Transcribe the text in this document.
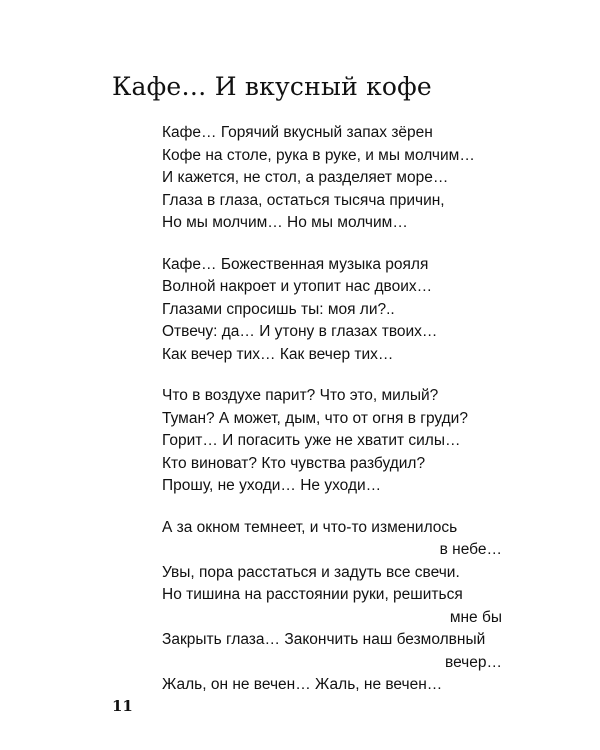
Кафе… И вкусный кофе
Кафе… Горячий вкусный запах зёрен
Кофе на столе, рука в руке, и мы молчим…
И кажется, не стол, а разделяет море…
Глаза в глаза, остаться тысяча причин,
Но мы молчим… Но мы молчим…
Кафе… Божественная музыка рояля
Волной накроет и утопит нас двоих…
Глазами спросишь ты: моя ли?..
Отвечу: да… И утону в глазах твоих…
Как вечер тих… Как вечер тих…
Что в воздухе парит? Что это, милый?
Туман? А может, дым, что от огня в груди?
Горит… И погасить уже не хватит силы…
Кто виноват? Кто чувства разбудил?
Прошу, не уходи… Не уходи…
А за окном темнеет, и что-то изменилось
в небе…
Увы, пора расстаться и задуть все свечи.
Но тишина на расстоянии руки, решиться
мне бы
Закрыть глаза… Закончить наш безмолвный
вечер…
Жаль, он не вечен… Жаль, не вечен…
11
